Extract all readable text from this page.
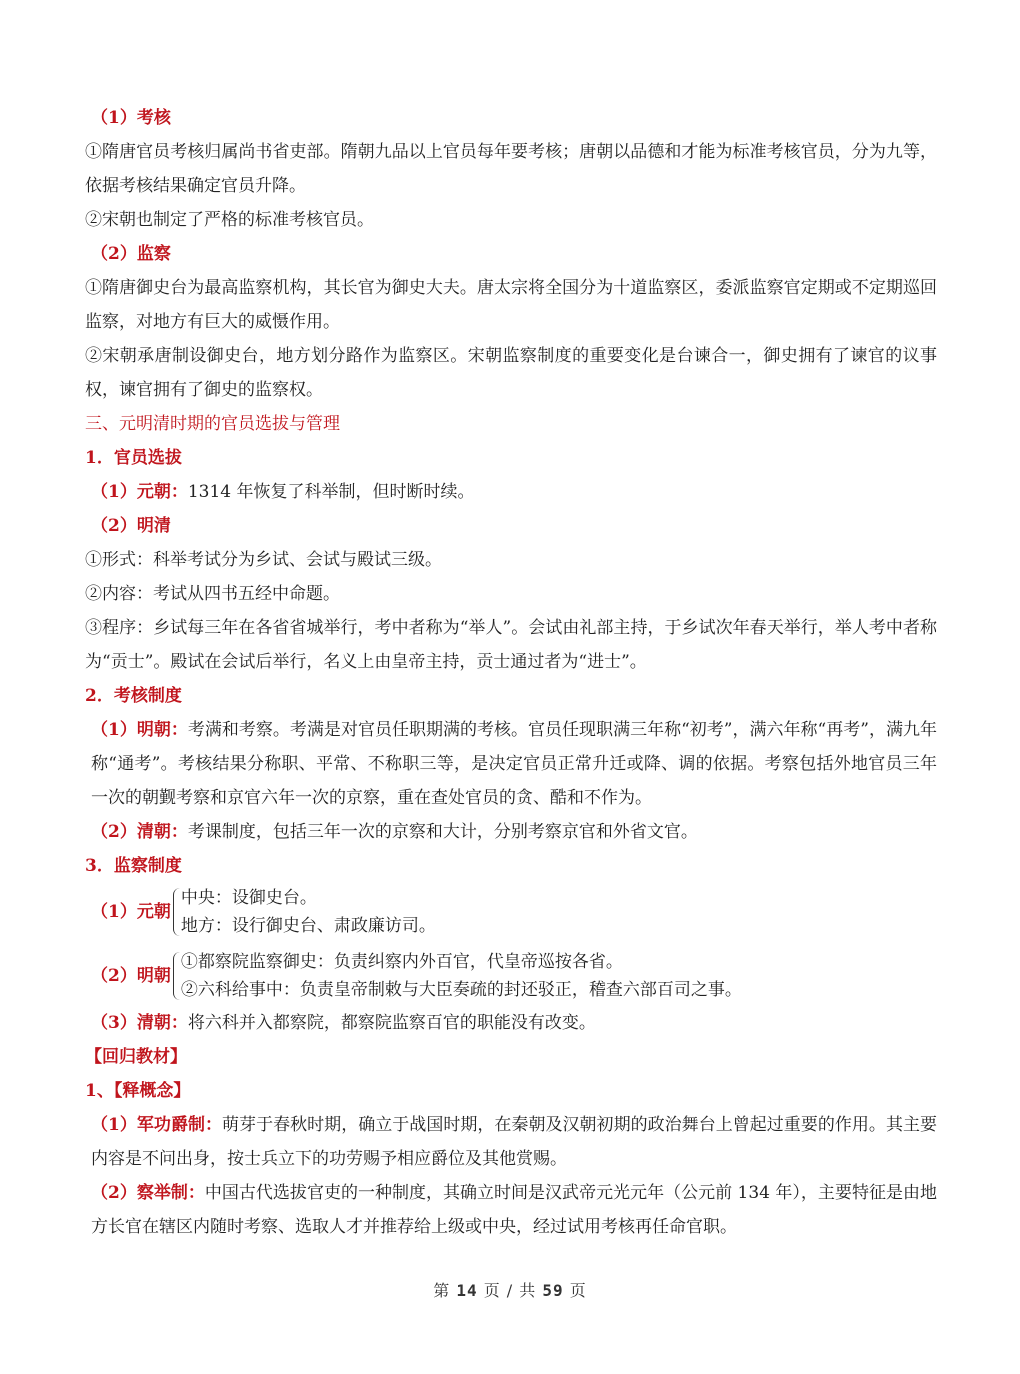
（1）考核

①隋唐官员考核归属尚书省吏部。隋朝九品以上官员每年要考核；唐朝以品德和才能为标准考核官员，分为九等，依据考核结果确定官员升降。

②宋朝也制定了严格的标准考核官员。

（2）监察

①隋唐御史台为最高监察机构，其长官为御史大夫。唐太宗将全国分为十道监察区，委派监察官定期或不定期巡回监察，对地方有巨大的威慑作用。

②宋朝承唐制设御史台，地方划分路作为监察区。宋朝监察制度的重要变化是台谏合一，御史拥有了谏官的议事权，谏官拥有了御史的监察权。

三、元明清时期的官员选拔与管理

1．官员选拔

（1）元朝：1314 年恢复了科举制，但时断时续。

（2）明清

①形式：科举考试分为乡试、会试与殿试三级。

②内容：考试从四书五经中命题。

③程序：乡试每三年在各省省城举行，考中者称为“举人”。会试由礼部主持，于乡试次年春天举行，举人考中者称为“贡士”。殿试在会试后举行，名义上由皇帝主持，贡士通过者为“进士”。

2．考核制度

（1）明朝：考满和考察。考满是对官员任职期满的考核。官员任现职满三年称“初考”，满六年称“再考”，满九年称“通考”。考核结果分称职、平常、不称职三等，是决定官员正常升迁或降、调的依据。考察包括外地官员三年一次的朝觐考察和京官六年一次的京察，重在查处官员的贪、酷和不作为。

（2）清朝：考课制度，包括三年一次的京察和大计，分别考察京官和外省文官。

3．监察制度

（1）元朝

中央：设御史台。

地方：设行御史台、肃政廉访司。

（2）明朝

①都察院监察御史：负责纠察内外百官，代皇帝巡按各省。

②六科给事中：负责皇帝制敕与大臣奏疏的封还驳正，稽查六部百司之事。

（3）清朝：将六科并入都察院，都察院监察百官的职能没有改变。

【回归教材】

1、【释概念】

（1）军功爵制：萌芽于春秋时期，确立于战国时期，在秦朝及汉朝初期的政治舞台上曾起过重要的作用。其主要内容是不问出身，按士兵立下的功劳赐予相应爵位及其他赏赐。

（2）察举制：中国古代选拔官吏的一种制度，其确立时间是汉武帝元光元年（公元前 134 年），主要特征是由地方长官在辖区内随时考察、选取人才并推荐给上级或中央，经过试用考核再任命官职。

第 14 页 / 共 59 页
